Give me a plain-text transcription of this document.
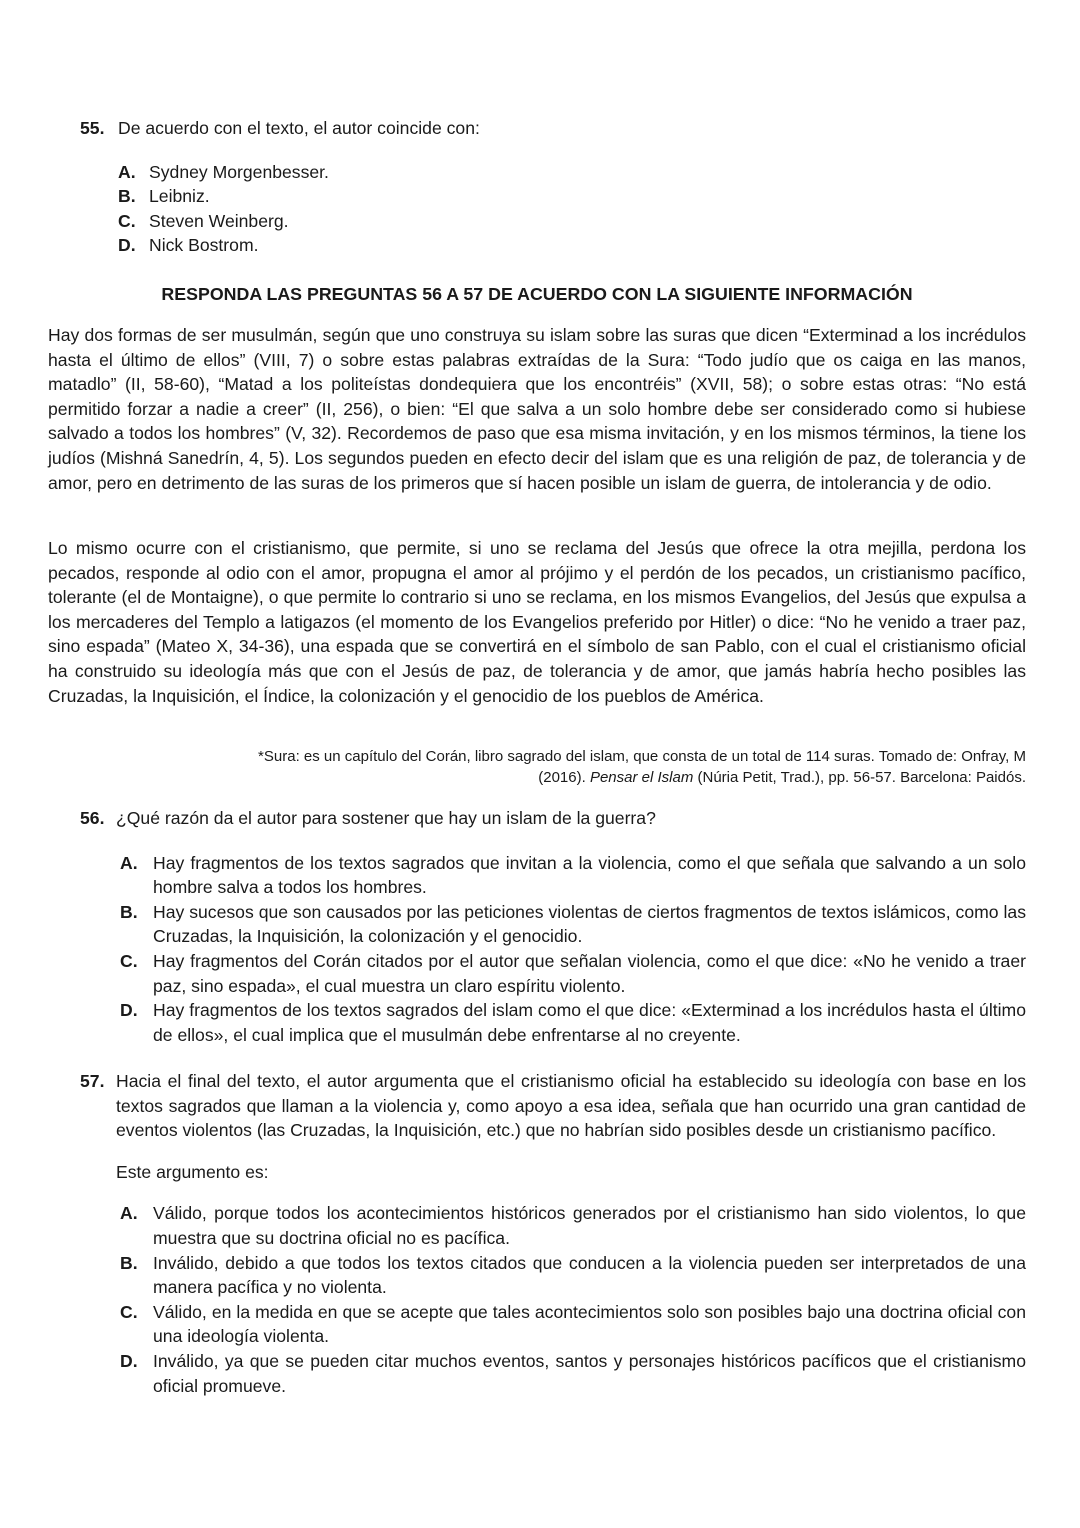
55. De acuerdo con el texto, el autor coincide con:
A. Sydney Morgenbesser.
B. Leibniz.
C. Steven Weinberg.
D. Nick Bostrom.
RESPONDA LAS PREGUNTAS 56 A 57 DE ACUERDO CON LA SIGUIENTE INFORMACIÓN
Hay dos formas de ser musulmán, según que uno construya su islam sobre las suras que dicen “Exterminad a los incrédulos hasta el último de ellos” (VIII, 7) o sobre estas palabras extraídas de la Sura: “Todo judío que os caiga en las manos, matadlo” (II, 58-60), “Matad a los politeístas dondequiera que los encontréis” (XVII, 58); o sobre estas otras: “No está permitido forzar a nadie a creer” (II, 256), o bien: “El que salva a un solo hombre debe ser considerado como si hubiese salvado a todos los hombres” (V, 32). Recordemos de paso que esa misma invitación, y en los mismos términos, la tiene los judíos (Mishná Sanedrín, 4, 5). Los segundos pueden en efecto decir del islam que es una religión de paz, de tolerancia y de amor, pero en detrimento de las suras de los primeros que sí hacen posible un islam de guerra, de intolerancia y de odio.
Lo mismo ocurre con el cristianismo, que permite, si uno se reclama del Jesús que ofrece la otra mejilla, perdona los pecados, responde al odio con el amor, propugna el amor al prójimo y el perdón de los pecados, un cristianismo pacífico, tolerante (el de Montaigne), o que permite lo contrario si uno se reclama, en los mismos Evangelios, del Jesús que expulsa a los mercaderes del Templo a latigazos (el momento de los Evangelios preferido por Hitler) o dice: “No he venido a traer paz, sino espada” (Mateo X, 34-36), una espada que se convertirá en el símbolo de san Pablo, con el cual el cristianismo oficial ha construido su ideología más que con el Jesús de paz, de tolerancia y de amor, que jamás habría hecho posibles las Cruzadas, la Inquisición, el Índice, la colonización y el genocidio de los pueblos de América.
*Sura: es un capítulo del Corán, libro sagrado del islam, que consta de un total de 114 suras. Tomado de: Onfray, M
(2016). Pensar el Islam (Núria Petit, Trad.), pp. 56-57. Barcelona: Paidós.
56. ¿Qué razón da el autor para sostener que hay un islam de la guerra?
A. Hay fragmentos de los textos sagrados que invitan a la violencia, como el que señala que salvando a un solo hombre salva a todos los hombres.
B. Hay sucesos que son causados por las peticiones violentas de ciertos fragmentos de textos islámicos, como las Cruzadas, la Inquisición, la colonización y el genocidio.
C. Hay fragmentos del Corán citados por el autor que señalan violencia, como el que dice: «No he venido a traer paz, sino espada», el cual muestra un claro espíritu violento.
D. Hay fragmentos de los textos sagrados del islam como el que dice: «Exterminad a los incrédulos hasta el último de ellos», el cual implica que el musulmán debe enfrentarse al no creyente.
57. Hacia el final del texto, el autor argumenta que el cristianismo oficial ha establecido su ideología con base en los textos sagrados que llaman a la violencia y, como apoyo a esa idea, señala que han ocurrido una gran cantidad de eventos violentos (las Cruzadas, la Inquisición, etc.) que no habrían sido posibles desde un cristianismo pacífico.
Este argumento es:
A. Válido, porque todos los acontecimientos históricos generados por el cristianismo han sido violentos, lo que muestra que su doctrina oficial no es pacífica.
B. Inválido, debido a que todos los textos citados que conducen a la violencia pueden ser interpretados de una manera pacífica y no violenta.
C. Válido, en la medida en que se acepte que tales acontecimientos solo son posibles bajo una doctrina oficial con una ideología violenta.
D. Inválido, ya que se pueden citar muchos eventos, santos y personajes históricos pacíficos que el cristianismo oficial promueve.
